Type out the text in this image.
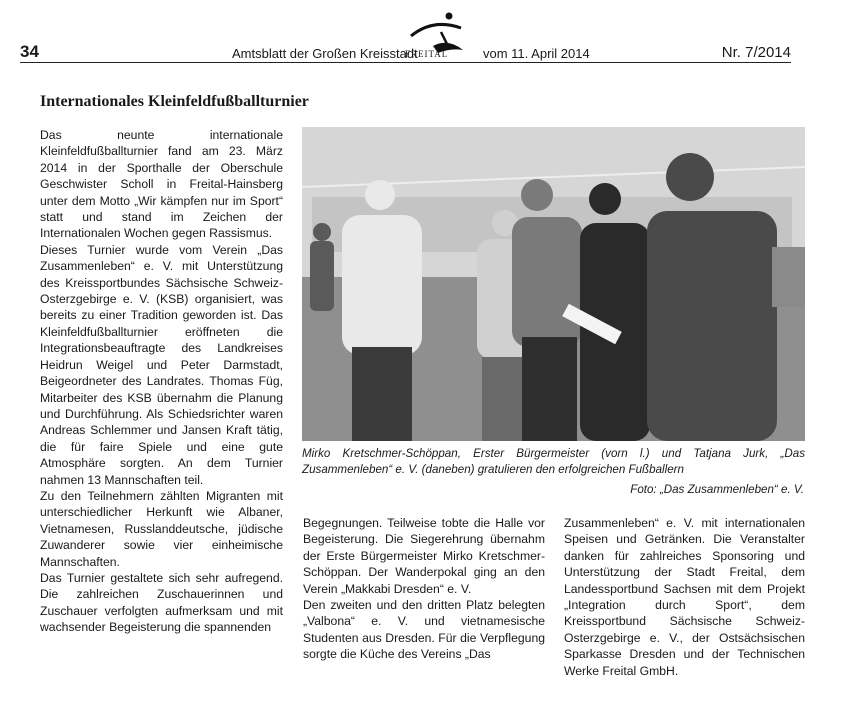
34	Amtsblatt der Großen Kreisstadt
FREITAL	vom 11. April 2014	Nr. 7/2014
Internationales Kleinfeldfußballturnier

Das neunte internationale Kleinfeldfußballturnier fand am 23. März 2014 in der Sporthalle der Oberschule Geschwister Scholl in Freital-Hainsberg unter dem Motto „Wir kämpfen nur im Sport“ statt und stand im Zeichen der Internationalen Wochen gegen Rassismus.

Dieses Turnier wurde vom Verein „Das Zusammenleben“ e. V. mit Unterstützung des Kreissportbundes Sächsische Schweiz-Osterzgebirge e. V. (KSB) organisiert, was bereits zu einer Tradition geworden ist. Das Kleinfeldfußballturnier eröffneten die Integrationsbeauftragte des Landkreises Heidrun Weigel und Peter Darmstadt, Beigeordneter des Landrates. Thomas Füg, Mitarbeiter des KSB übernahm die Planung und Durchführung. Als Schiedsrichter waren Andreas Schlemmer und Jansen Kraft tätig, die für faire Spiele und eine gute Atmosphäre sorgten. An dem Turnier nahmen 13 Mannschaften teil.

Zu den Teilnehmern zählten Migranten mit unterschiedlicher Herkunft wie Albaner, Vietnamesen, Russlanddeutsche, jüdische Zuwanderer sowie vier einheimische Mannschaften.

Das Turnier gestaltete sich sehr aufregend. Die zahlreichen Zuschauerinnen und Zuschauer verfolgten aufmerksam und mit wachsender Begeisterung die spannenden

Mirko Kretschmer-Schöppan, Erster Bürgermeister (vorn l.) und Tatjana Jurk, „Das Zusammenleben“ e. V. (daneben) gratulieren den erfolgreichen Fußballern
Foto: „Das Zusammenleben“ e. V.

Begegnungen. Teilweise tobte die Halle vor Begeisterung. Die Siegerehrung übernahm der Erste Bürgermeister Mirko Kretschmer-Schöppan. Der Wanderpokal ging an den Verein „Makkabi Dresden“ e. V.

Den zweiten und den dritten Platz belegten „Valbona“ e. V. und vietnamesische Studenten aus Dresden. Für die Verpflegung sorgte die Küche des Vereins „Das

Zusammenleben“ e. V. mit internationalen Speisen und Getränken. Die Veranstalter danken für zahlreiches Sponsoring und Unterstützung der Stadt Freital, dem Landessportbund Sachsen mit dem Projekt „Integration durch Sport“, dem Kreissportbund Sächsische Schweiz-Osterzgebirge e. V., der Ostsächsischen Sparkasse Dresden und der Technischen Werke Freital GmbH.
